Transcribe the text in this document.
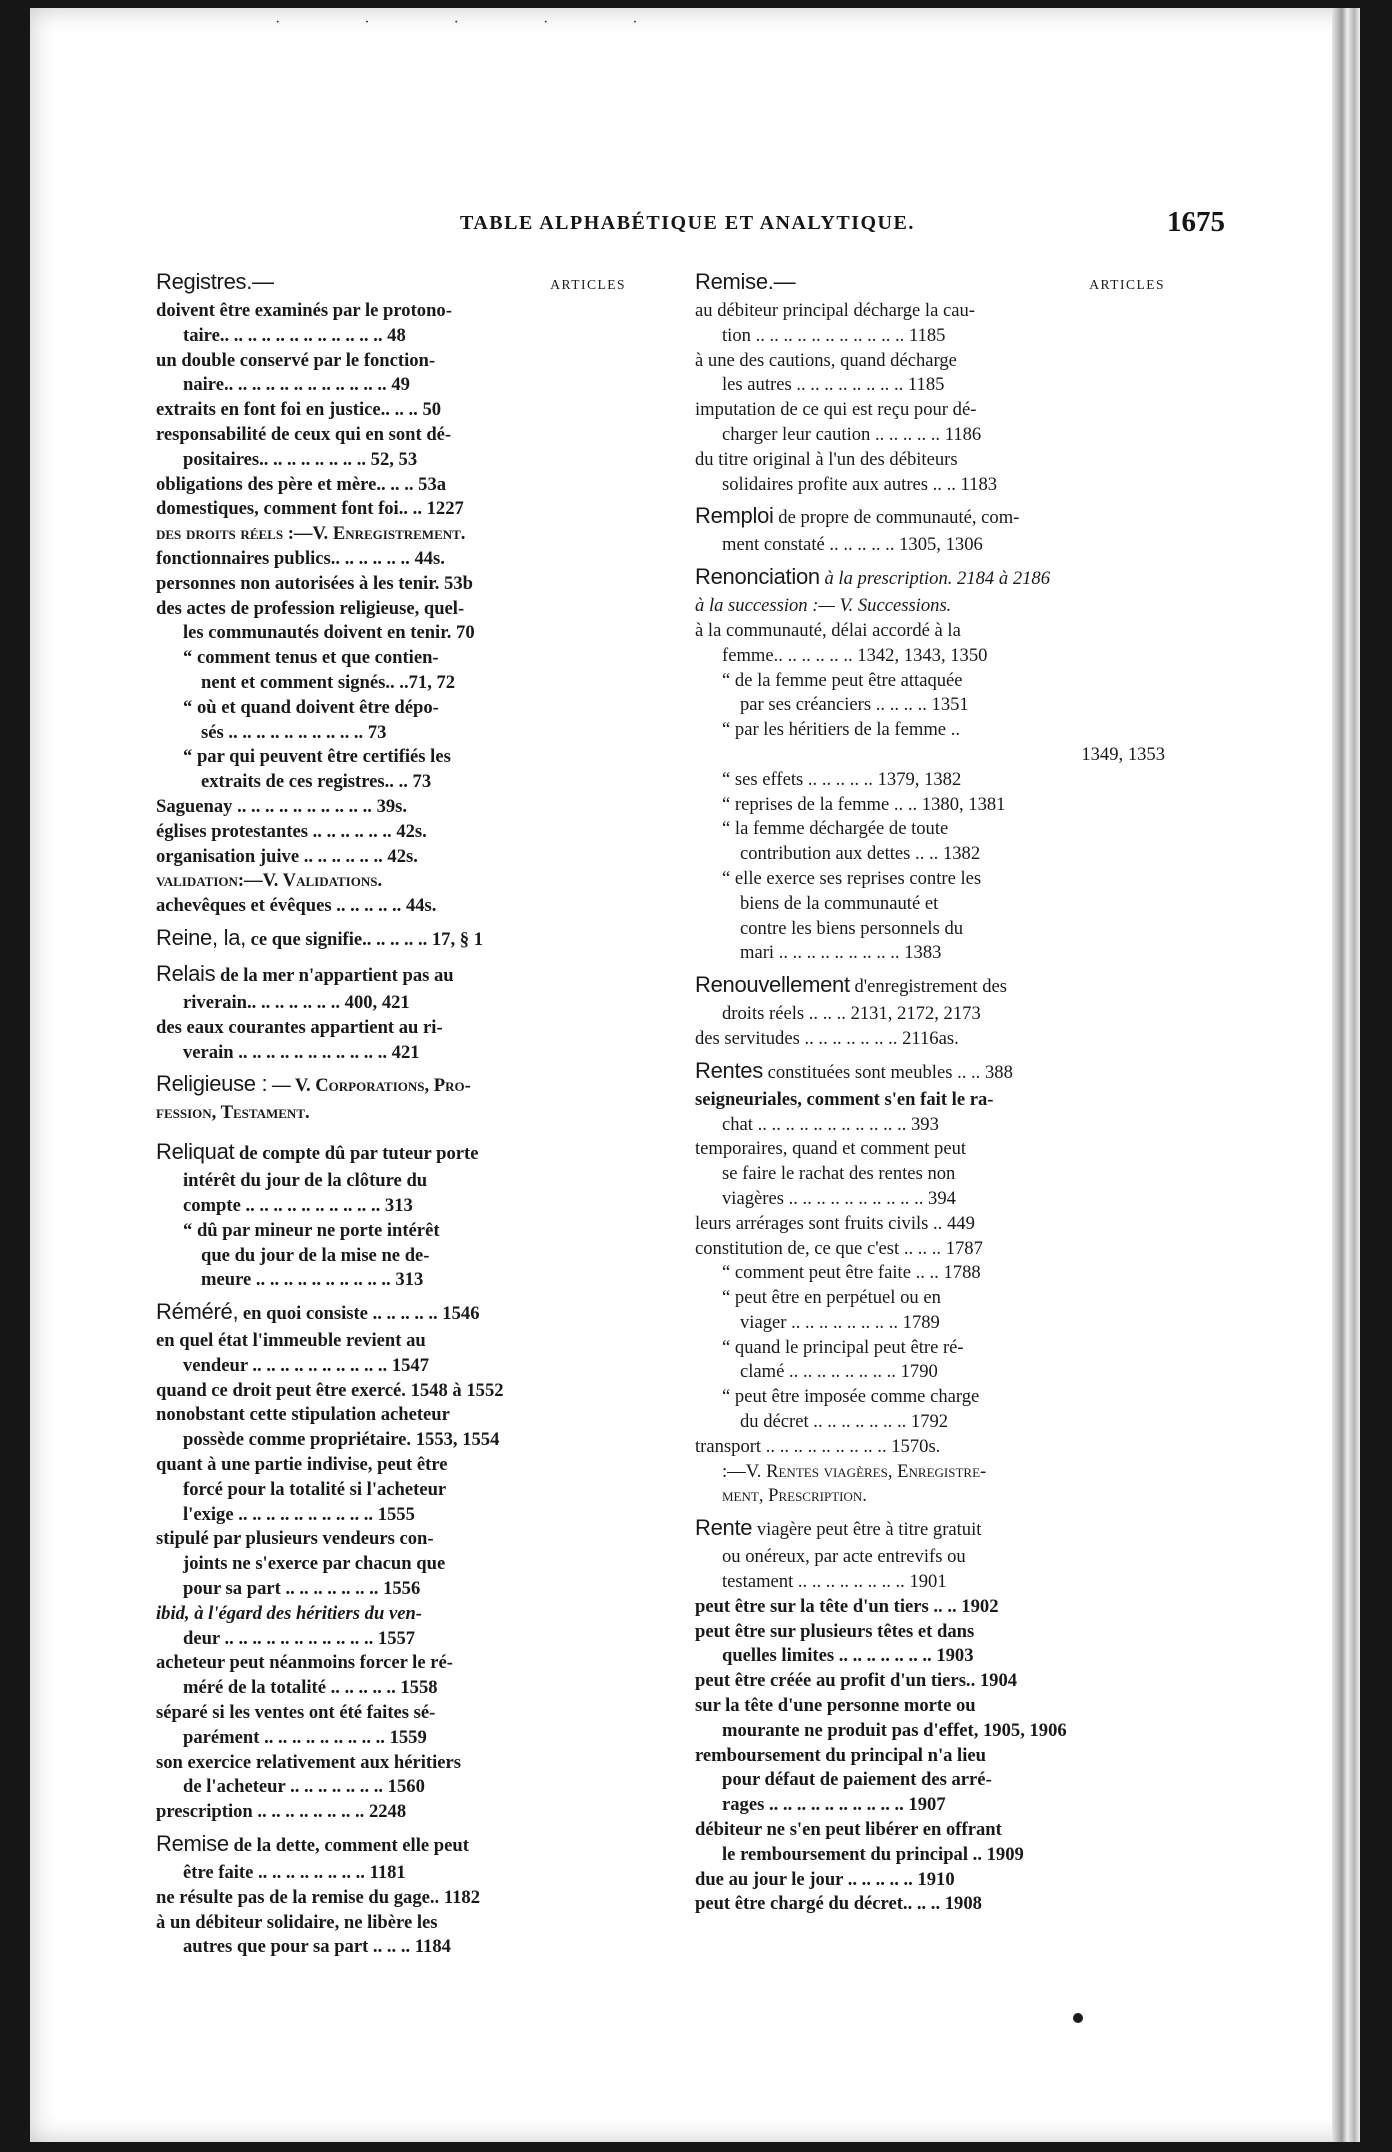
· · · · ·
TABLE ALPHABÉTIQUE ET ANALYTIQUE.	1675
Registres.—	ARTICLES
doivent être examinés par le protono-
taire.. .. .. .. .. .. .. .. .. .. .. .. 48
un double conservé par le fonction-
naire.. .. .. .. .. .. .. .. .. .. .. .. 49
extraits en font foi en justice.. .. .. 50
responsabilité de ceux qui en sont dé-
positaires.. .. .. .. .. .. .. .. 52, 53
obligations des père et mère.. .. .. 53a
domestiques, comment font foi.. .. 1227
des droits réels :—V. Enregistrement.
fonctionnaires publics.. .. .. .. .. .. 44s.
personnes non autorisées à les tenir. 53b
des actes de profession religieuse, quel-
les communautés doivent en tenir. 70
“ comment tenus et que contien-
nent et comment signés.. ..71, 72
“ où et quand doivent être dépo-
sés .. .. .. .. .. .. .. .. .. .. 73
“ par qui peuvent être certifiés les
extraits de ces registres.. .. 73
Saguenay .. .. .. .. .. .. .. .. .. .. 39s.
églises protestantes .. .. .. .. .. .. 42s.
organisation juive .. .. .. .. .. .. 42s.
validation:—V. Validations.
achevêques et évêques .. .. .. .. .. 44s.
Reine, la, ce que signifie.. .. .. .. .. 17, § 1
Relais de la mer n'appartient pas au
riverain.. .. .. .. .. .. .. 400, 421
des eaux courantes appartient au ri-
verain .. .. .. .. .. .. .. .. .. .. .. 421
Religieuse : — V. Corporations, Pro-
fession, Testament.
Reliquat de compte dû par tuteur porte
intérêt du jour de la clôture du
compte .. .. .. .. .. .. .. .. .. .. 313
“ dû par mineur ne porte intérêt
que du jour de la mise ne de-
meure .. .. .. .. .. .. .. .. .. .. 313
Réméré, en quoi consiste .. .. .. .. .. 1546
en quel état l'immeuble revient au
vendeur .. .. .. .. .. .. .. .. .. .. 1547
quand ce droit peut être exercé. 1548 à 1552
nonobstant cette stipulation acheteur
possède comme propriétaire. 1553, 1554
quant à une partie indivise, peut être
forcé pour la totalité si l'acheteur
l'exige .. .. .. .. .. .. .. .. .. .. 1555
stipulé par plusieurs vendeurs con-
joints ne s'exerce par chacun que
pour sa part .. .. .. .. .. .. .. 1556
ibid, à l'égard des héritiers du ven-
deur .. .. .. .. .. .. .. .. .. .. .. 1557
acheteur peut néanmoins forcer le ré-
méré de la totalité .. .. .. .. .. 1558
séparé si les ventes ont été faites sé-
parément .. .. .. .. .. .. .. .. .. 1559
son exercice relativement aux héritiers
de l'acheteur .. .. .. .. .. .. .. 1560
prescription .. .. .. .. .. .. .. .. 2248
Remise de la dette, comment elle peut
être faite .. .. .. .. .. .. .. .. 1181
ne résulte pas de la remise du gage.. 1182
à un débiteur solidaire, ne libère les
autres que pour sa part .. .. .. 1184
Remise.—	ARTICLES
au débiteur principal décharge la cau-
tion .. .. .. .. .. .. .. .. .. .. .. 1185
à une des cautions, quand décharge
les autres .. .. .. .. .. .. .. .. 1185
imputation de ce qui est reçu pour dé-
charger leur caution .. .. .. .. .. 1186
du titre original à l'un des débiteurs
solidaires profite aux autres .. .. 1183
Remploi de propre de communauté, com-
ment constaté .. .. .. .. .. 1305, 1306
Renonciation à la prescription. 2184 à 2186
à la succession :— V. Successions.
à la communauté, délai accordé à la
femme.. .. .. .. .. .. 1342, 1343, 1350
“ de la femme peut être attaquée
par ses créanciers .. .. .. .. 1351
“ par les héritiers de la femme ..
1349, 1353
“ ses effets .. .. .. .. .. 1379, 1382
“ reprises de la femme .. .. 1380, 1381
“ la femme déchargée de toute
contribution aux dettes .. .. 1382
“ elle exerce ses reprises contre les
biens de la communauté et
contre les biens personnels du
mari .. .. .. .. .. .. .. .. .. 1383
Renouvellement d'enregistrement des
droits réels .. .. .. 2131, 2172, 2173
des servitudes .. .. .. .. .. .. .. 2116as.
Rentes constituées sont meubles .. .. 388
seigneuriales, comment s'en fait le ra-
chat .. .. .. .. .. .. .. .. .. .. .. 393
temporaires, quand et comment peut
se faire le rachat des rentes non
viagères .. .. .. .. .. .. .. .. .. .. 394
leurs arrérages sont fruits civils .. 449
constitution de, ce que c'est .. .. .. 1787
“ comment peut être faite .. .. 1788
“ peut être en perpétuel ou en
viager .. .. .. .. .. .. .. .. 1789
“ quand le principal peut être ré-
clamé .. .. .. .. .. .. .. .. 1790
“ peut être imposée comme charge
du décret .. .. .. .. .. .. .. 1792
transport .. .. .. .. .. .. .. .. .. 1570s.
:—V. Rentes viagères, Enregistre-
ment, Prescription.
Rente viagère peut être à titre gratuit
ou onéreux, par acte entrevifs ou
testament .. .. .. .. .. .. .. .. 1901
peut être sur la tête d'un tiers .. .. 1902
peut être sur plusieurs têtes et dans
quelles limites .. .. .. .. .. .. .. 1903
peut être créée au profit d'un tiers.. 1904
sur la tête d'une personne morte ou
mourante ne produit pas d'effet, 1905, 1906
remboursement du principal n'a lieu
pour défaut de paiement des arré-
rages .. .. .. .. .. .. .. .. .. .. 1907
débiteur ne s'en peut libérer en offrant
le remboursement du principal .. 1909
due au jour le jour .. .. .. .. .. 1910
peut être chargé du décret.. .. .. 1908
